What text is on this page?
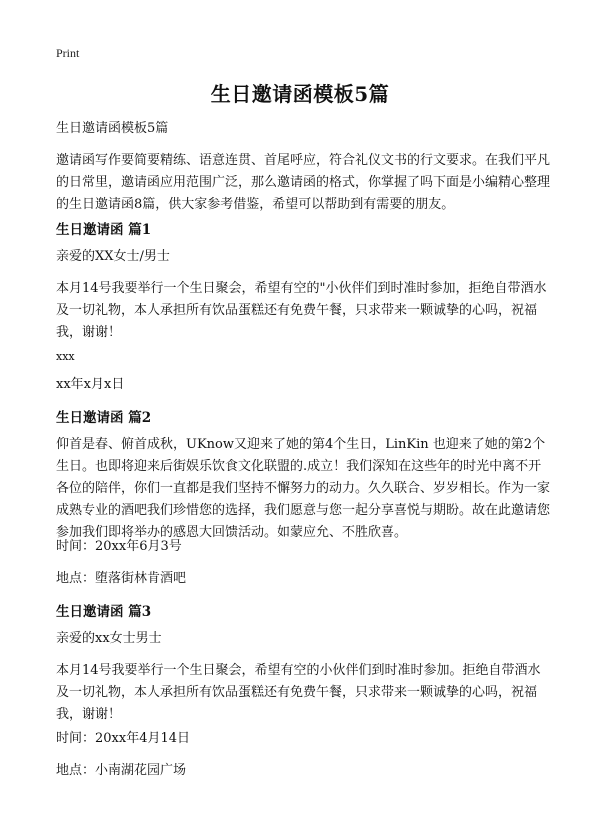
Print
生日邀请函模板5篇

生日邀请函模板5篇

邀请函写作要简要精练、语意连贯、首尾呼应，符合礼仪文书的行文要求。在我们平凡的日常里，邀请函应用范围广泛，那么邀请函的格式，你掌握了吗下面是小编精心整理的生日邀请函8篇，供大家参考借鉴，希望可以帮助到有需要的朋友。

生日邀请函 篇1

亲爱的XX女士/男士

本月14号我要举行一个生日聚会，希望有空的"小伙伴们到时准时参加，拒绝自带酒水及一切礼物，本人承担所有饮品蛋糕还有免费午餐，只求带来一颗诚挚的心吗，祝福我，谢谢！

xxx

xx年x月x日

生日邀请函 篇2

仰首是春、俯首成秋，UKnow又迎来了她的第4个生日，LinKin 也迎来了她的第2个生日。也即将迎来后街娱乐饮食文化联盟的.成立！我们深知在这些年的时光中离不开各位的陪伴，你们一直都是我们坚持不懈努力的动力。久久联合、岁岁相长。作为一家成熟专业的酒吧我们珍惜您的选择，我们愿意与您一起分享喜悦与期盼。故在此邀请您参加我们即将举办的感恩大回馈活动。如蒙应允、不胜欣喜。

时间：20xx年6月3号

地点：堕落街林肯酒吧

生日邀请函 篇3

亲爱的xx女士男士

本月14号我要举行一个生日聚会，希望有空的小伙伴们到时准时参加。拒绝自带酒水及一切礼物，本人承担所有饮品蛋糕还有免费午餐，只求带来一颗诚挚的心吗，祝福我，谢谢！

时间：20xx年4月14日

地点：小南湖花园广场
